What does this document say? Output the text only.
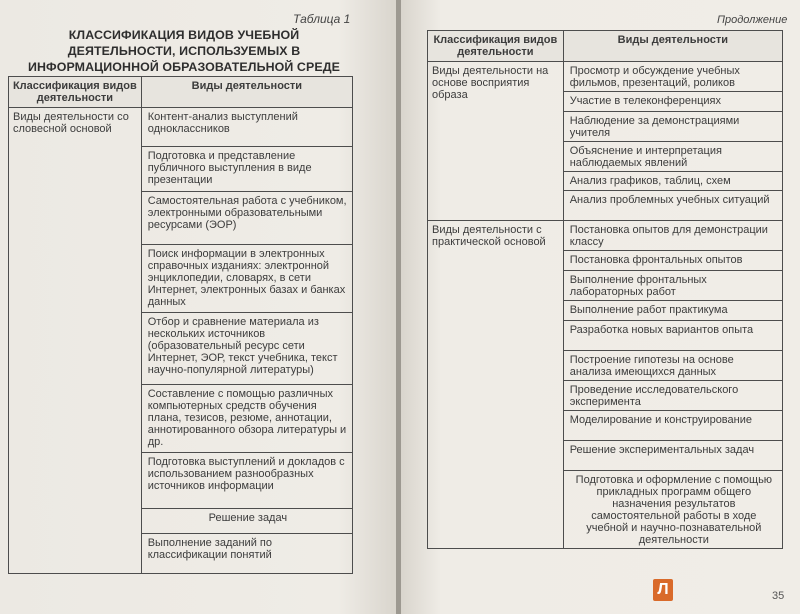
Таблица 1
КЛАССИФИКАЦИЯ ВИДОВ УЧЕБНОЙ ДЕЯТЕЛЬНОСТИ, ИСПОЛЬЗУЕМЫХ В ИНФОРМАЦИОННОЙ ОБРАЗОВАТЕЛЬНОЙ СРЕДЕ
Классификация видов деятельности	Виды деятельности
Виды деятельности со словесной основой	Контент-анализ выступлений одноклассников
	Подготовка и представление публичного выступления в виде презентации
	Самостоятельная работа с учебником, электронными образовательными ресурсами (ЭОР)
	Поиск информации в электронных справочных изданиях: электронной энциклопедии, словарях, в сети Интернет, электронных базах и банках данных
	Отбор и сравнение материала из нескольких источников (образовательный ресурс сети Интернет, ЭОР, текст учебника, текст научно-популярной литературы)
	Составление с помощью различных компьютерных средств обучения плана, тезисов, резюме, аннотации, аннотированного обзора литературы и др.
	Подготовка выступлений и докладов с использованием разнообразных источников информации
	Решение задач
	Выполнение заданий по классификации понятий
Продолжение
Классификация видов деятельности	Виды деятельности
Виды деятельности на основе восприятия образа	Просмотр и обсуждение учебных фильмов, презентаций, роликов
	Участие в телеконференциях
	Наблюдение за демонстрациями учителя
	Объяснение и интерпретация наблюдаемых явлений
	Анализ графиков, таблиц, схем
	Анализ проблемных учебных ситуаций
Виды деятельности с практической основой	Постановка опытов для демонстрации классу
	Постановка фронтальных опытов
	Выполнение фронтальных лабораторных работ
	Выполнение работ практикума
	Разработка новых вариантов опыта
	Построение гипотезы на основе анализа имеющихся данных
	Проведение исследовательского эксперимента
	Моделирование и конструирование
	Решение экспериментальных задач
	Подготовка и оформление с помощью прикладных программ общего назначения результатов самостоятельной работы в ходе учебной и научно-познавательной деятельности
Л	35
